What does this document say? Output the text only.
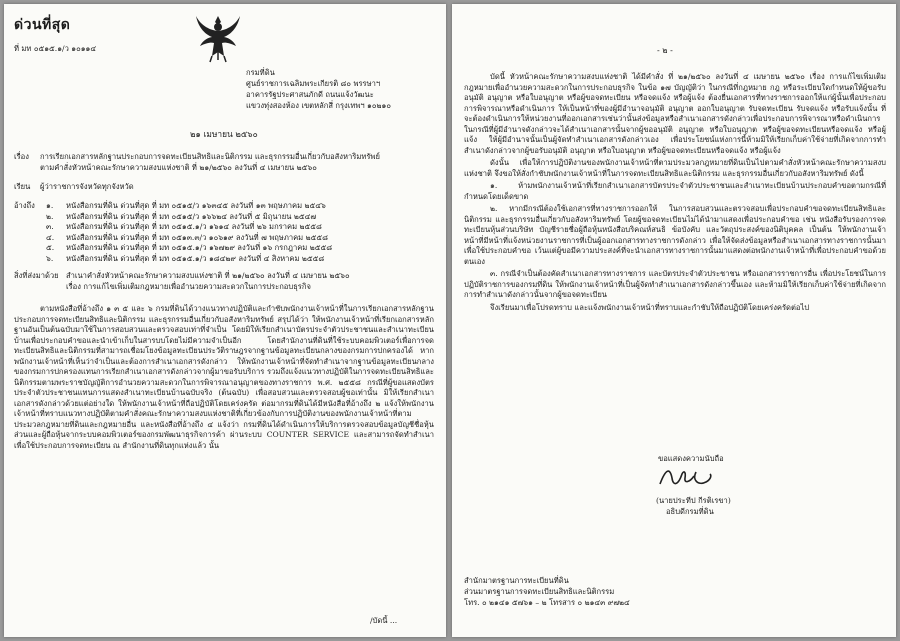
ด่วนที่สุด
ที่ มท ๐๕๑๕.๑/ว ๑๐๑๑๔
กรมที่ดิน
ศูนย์ราชการเฉลิมพระเกียรติ ๘๐ พรรษาฯ
อาคารรัฐประศาสนภักดี ถนนแจ้งวัฒนะ
แขวงทุ่งสองห้อง เขตหลักสี่ กรุงเทพฯ ๑๐๒๑๐
๒๑ เมษายน ๒๕๖๐
เรื่อง การเรียกเอกสารหลักฐานประกอบการจดทะเบียนสิทธิและนิติกรรม และธุรกรรมอื่นเกี่ยวกับอสังหาริมทรัพย์
ตามคำสั่งหัวหน้าคณะรักษาความสงบแห่งชาติ ที่ ๒๑/๒๕๖๐ ลงวันที่ ๔ เมษายน ๒๕๖๐
เรียน ผู้ว่าราชการจังหวัดทุกจังหวัด
อ้างถึง ๑.	หนังสือกรมที่ดิน ด่วนที่สุด ที่ มท ๐๕๑๕/ว ๑๖๓๔๕ ลงวันที่ ๑๓ พฤษภาคม ๒๕๔๖
๒.	หนังสือกรมที่ดิน ด่วนที่สุด ที่ มท ๐๕๑๕/ว ๑๖๖๒๔ ลงวันที่ ๕ มิถุนายน ๒๕๔๗
๓.	หนังสือกรมที่ดิน ด่วนที่สุด ที่ มท ๐๕๑๕.๑/ว ๑๖๑๔ ลงวันที่ ๒๖ มกราคม ๒๕๕๘
๔.	หนังสือกรมที่ดิน ด่วนที่สุด ที่ มท ๐๕๑๓.๓/ว ๑๐๖๑๙ ลงวันที่ ๗ พฤษภาคม ๒๕๕๘
๕.	หนังสือกรมที่ดิน ด่วนที่สุด ที่ มท ๐๕๑๕.๑/ว ๑๖๗๒๙ ลงวันที่ ๑๖ กรกฎาคม ๒๕๕๘
๖.	หนังสือกรมที่ดิน ด่วนที่สุด ที่ มท ๐๕๑๕.๑/ว ๑๘๔๒๙ ลงวันที่ ๔ สิงหาคม ๒๕๕๘
สิ่งที่ส่งมาด้วย สำเนาคำสั่งหัวหน้าคณะรักษาความสงบแห่งชาติ ที่ ๒๑/๒๕๖๐ ลงวันที่ ๔ เมษายน ๒๕๖๐
เรื่อง การแก้ไขเพิ่มเติมกฎหมายเพื่ออำนวยความสะดวกในการประกอบธุรกิจ

ตามหนังสือที่อ้างถึง ๑ ๓ ๕ และ ๖ กรมที่ดินได้วางแนวทางปฏิบัติและกำชับพนักงานเจ้าหน้าที่ในการเรียกเอกสารหลักฐานประกอบการจดทะเบียนสิทธิและนิติกรรม และธุรกรรมอื่นเกี่ยวกับอสังหาริมทรัพย์ สรุปได้ว่า ให้พนักงานเจ้าหน้าที่เรียกเอกสารหลักฐานอันเป็นต้นฉบับมาใช้ในการสอบสวนและตรวจสอบเท่าที่จำเป็น โดยมิให้เรียกสำเนาบัตรประจำตัวประชาชนและสำเนาทะเบียนบ้านเพื่อประกอบคำขอและนำเข้าเก็บในสารบบโดยไม่มีความจำเป็นอีก โดยสำนักงานที่ดินที่ใช้ระบบคอมพิวเตอร์เพื่อการจดทะเบียนสิทธิและนิติกรรมที่สามารถเชื่อมโยงข้อมูลทะเบียนประวัติราษฎรจากฐานข้อมูลทะเบียนกลางของกรมการปกครองได้ หากพนักงานเจ้าหน้าที่เห็นว่าจำเป็นและต้องการสำเนาเอกสารดังกล่าว ให้พนักงานเจ้าหน้าที่จัดทำสำเนาจากฐานข้อมูลทะเบียนกลางของกรมการปกครองแทนการเรียกสำเนาเอกสารดังกล่าวจากผู้มาขอรับบริการ รวมถึงแจ้งแนวทางปฏิบัติในการจดทะเบียนสิทธิและนิติกรรมตามพระราชบัญญัติการอำนวยความสะดวกในการพิจารณาอนุญาตของทางราชการ พ.ศ. ๒๕๕๘ กรณีที่ผู้ขอแสดงบัตรประจำตัวประชาชนแทนการแสดงสำเนาทะเบียนบ้านฉบับจริง (ต้นฉบับ) เพื่อสอบสวนและตรวจสอบผู้ขอเท่านั้น มิให้เรียกสำเนาเอกสารดังกล่าวด้วยแต่อย่างใด ให้พนักงานเจ้าหน้าที่ถือปฏิบัติโดยเคร่งครัด ต่อมากรมที่ดินได้มีหนังสือที่อ้างถึง ๒ แจ้งให้พนักงานเจ้าหน้าที่ทราบแนวทางปฏิบัติตามคำสั่งคณะรักษาความสงบแห่งชาติที่เกี่ยวข้องกับการปฏิบัติงานของพนักงานเจ้าหน้าที่ตามประมวลกฎหมายที่ดินและกฎหมายอื่น และหนังสือที่อ้างถึง ๔ แจ้งว่า กรมที่ดินได้ดำเนินการให้บริการตรวจสอบข้อมูลบัญชีชื่อหุ้นส่วนและผู้ถือหุ้นจากระบบคอมพิวเตอร์ของกรมพัฒนาธุรกิจการค้า ผ่านระบบ COUNTER SERVICE และสามารถจัดทำสำเนาเพื่อใช้ประกอบการจดทะเบียน ณ สำนักงานที่ดินทุกแห่งแล้ว นั้น

/บัดนี้ ...
- ๒ -

บัดนี้ หัวหน้าคณะรักษาความสงบแห่งชาติ ได้มีคำสั่ง ที่ ๒๑/๒๕๖๐ ลงวันที่ ๔ เมษายน ๒๕๖๐ เรื่อง การแก้ไขเพิ่มเติมกฎหมายเพื่ออำนวยความสะดวกในการประกอบธุรกิจ ในข้อ ๑๗ บัญญัติว่า ในกรณีที่กฎหมาย กฎ หรือระเบียบใดกำหนดให้ผู้ขอรับอนุมัติ อนุญาต หรือใบอนุญาต หรือผู้ขอจดทะเบียน หรือจดแจ้ง หรือผู้แจ้ง ต้องยื่นเอกสารที่ทางราชการออกให้แก่ผู้นั้นเพื่อประกอบการพิจารณาหรือดำเนินการ ให้เป็นหน้าที่ของผู้มีอำนาจอนุมัติ อนุญาต ออกใบอนุญาต รับจดทะเบียน รับจดแจ้ง หรือรับแจ้งนั้น ที่จะต้องดำเนินการให้หน่วยงานที่ออกเอกสารเช่นว่านั้นส่งข้อมูลหรือสำเนาเอกสารดังกล่าวเพื่อประกอบการพิจารณาหรือดำเนินการ ในกรณีที่ผู้มีอำนาจดังกล่าวจะได้สำเนาเอกสารนั้นจากผู้ขออนุมัติ อนุญาต หรือใบอนุญาต หรือผู้ขอจดทะเบียนหรือจดแจ้ง หรือผู้แจ้ง ให้ผู้มีอำนาจนั้นเป็นผู้จัดทำสำเนาเอกสารดังกล่าวเอง เพื่อประโยชน์แห่งการนี้ห้ามมิให้เรียกเก็บค่าใช้จ่ายที่เกิดจากการทำสำเนาดังกล่าวจากผู้ขอรับอนุมัติ อนุญาต หรือใบอนุญาต หรือผู้ขอจดทะเบียนหรือจดแจ้ง หรือผู้แจ้ง

ดังนั้น เพื่อให้การปฏิบัติงานของพนักงานเจ้าหน้าที่ตามประมวลกฎหมายที่ดินเป็นไปตามคำสั่งหัวหน้าคณะรักษาความสงบแห่งชาติ จึงขอให้สั่งกำชับพนักงานเจ้าหน้าที่ในการจดทะเบียนสิทธิและนิติกรรม และธุรกรรมอื่นเกี่ยวกับอสังหาริมทรัพย์ ดังนี้

๑. ห้ามพนักงานเจ้าหน้าที่เรียกสำเนาเอกสารบัตรประจำตัวประชาชนและสำเนาทะเบียนบ้านประกอบคำขอตามกรณีที่กำหนดโดยเด็ดขาด

๒. หากมีกรณีต้องใช้เอกสารที่ทางราชการออกให้ ในการสอบสวนและตรวจสอบเพื่อประกอบคำขอจดทะเบียนสิทธิและนิติกรรม และธุรกรรมอื่นเกี่ยวกับอสังหาริมทรัพย์ โดยผู้ขอจดทะเบียนไม่ได้นำมาแสดงเพื่อประกอบคำขอ เช่น หนังสือรับรองการจดทะเบียนหุ้นส่วนบริษัท บัญชีรายชื่อผู้ถือหุ้นหนังสือบริคณห์สนธิ ข้อบังคับ และวัตถุประสงค์ของนิติบุคคล เป็นต้น ให้พนักงานเจ้าหน้าที่มีหน้าที่แจ้งหน่วยงานราชการที่เป็นผู้ออกเอกสารทางราชการดังกล่าว เพื่อให้จัดส่งข้อมูลหรือสำเนาเอกสารทางราชการนั้นมาเพื่อใช้ประกอบคำขอ เว้นแต่ผู้ขอมีความประสงค์ที่จะนำเอกสารทางราชการนั้นมาแสดงต่อพนักงานเจ้าหน้าที่เพื่อประกอบคำขอด้วยตนเอง

๓. กรณีจำเป็นต้องคัดสำเนาเอกสารทางราชการ และบัตรประจำตัวประชาชน หรือเอกสารราชการอื่น เพื่อประโยชน์ในการปฏิบัติราชการของกรมที่ดิน ให้พนักงานเจ้าหน้าที่เป็นผู้จัดทำสำเนาเอกสารดังกล่าวขึ้นเอง และห้ามมิให้เรียกเก็บค่าใช้จ่ายที่เกิดจากการทำสำเนาดังกล่าวนั้นจากผู้ขอจดทะเบียน

จึงเรียนมาเพื่อโปรดทราบ และแจ้งพนักงานเจ้าหน้าที่ทราบและกำชับให้ถือปฏิบัติโดยเคร่งครัดต่อไป

ขอแสดงความนับถือ
(นายประทีป กีรติเรขา)
อธิบดีกรมที่ดิน
สำนักมาตรฐานการทะเบียนที่ดิน
ส่วนมาตรฐานการจดทะเบียนสิทธิและนิติกรรม
โทร. ๐ ๒๑๔๑ ๕๗๖๑ – ๒ โทรสาร ๐ ๒๑๔๓ ๙๗๒๔
